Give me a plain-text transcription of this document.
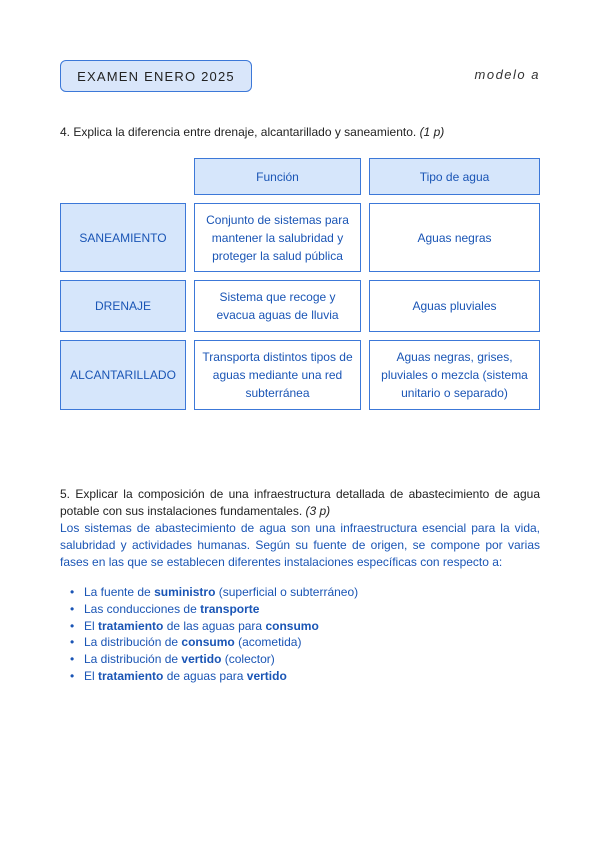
EXAMEN ENERO 2025	modelo a
4. Explica la diferencia entre drenaje, alcantarillado y saneamiento. (1 p)
Función	Tipo de agua
SANEAMIENTO
Conjunto de sistemas para mantener la salubridad y proteger la salud pública
Aguas negras
DRENAJE
Sistema que recoge y evacua aguas de lluvia
Aguas pluviales
ALCANTARILLADO
Transporta distintos tipos de aguas mediante una red subterránea
Aguas negras, grises, pluviales o mezcla (sistema unitario o separado)
5. Explicar la composición de una infraestructura detallada de abastecimiento de agua potable con sus instalaciones fundamentales. (3 p)
Los sistemas de abastecimiento de agua son una infraestructura esencial para la vida, salubridad y actividades humanas. Según su fuente de origen, se compone por varias fases en las que se establecen diferentes instalaciones específicas con respecto a:
• La fuente de suministro (superficial o subterráneo)
• Las conducciones de transporte
• El tratamiento de las aguas para consumo
• La distribución de consumo (acometida)
• La distribución de vertido (colector)
• El tratamiento de aguas para vertido
